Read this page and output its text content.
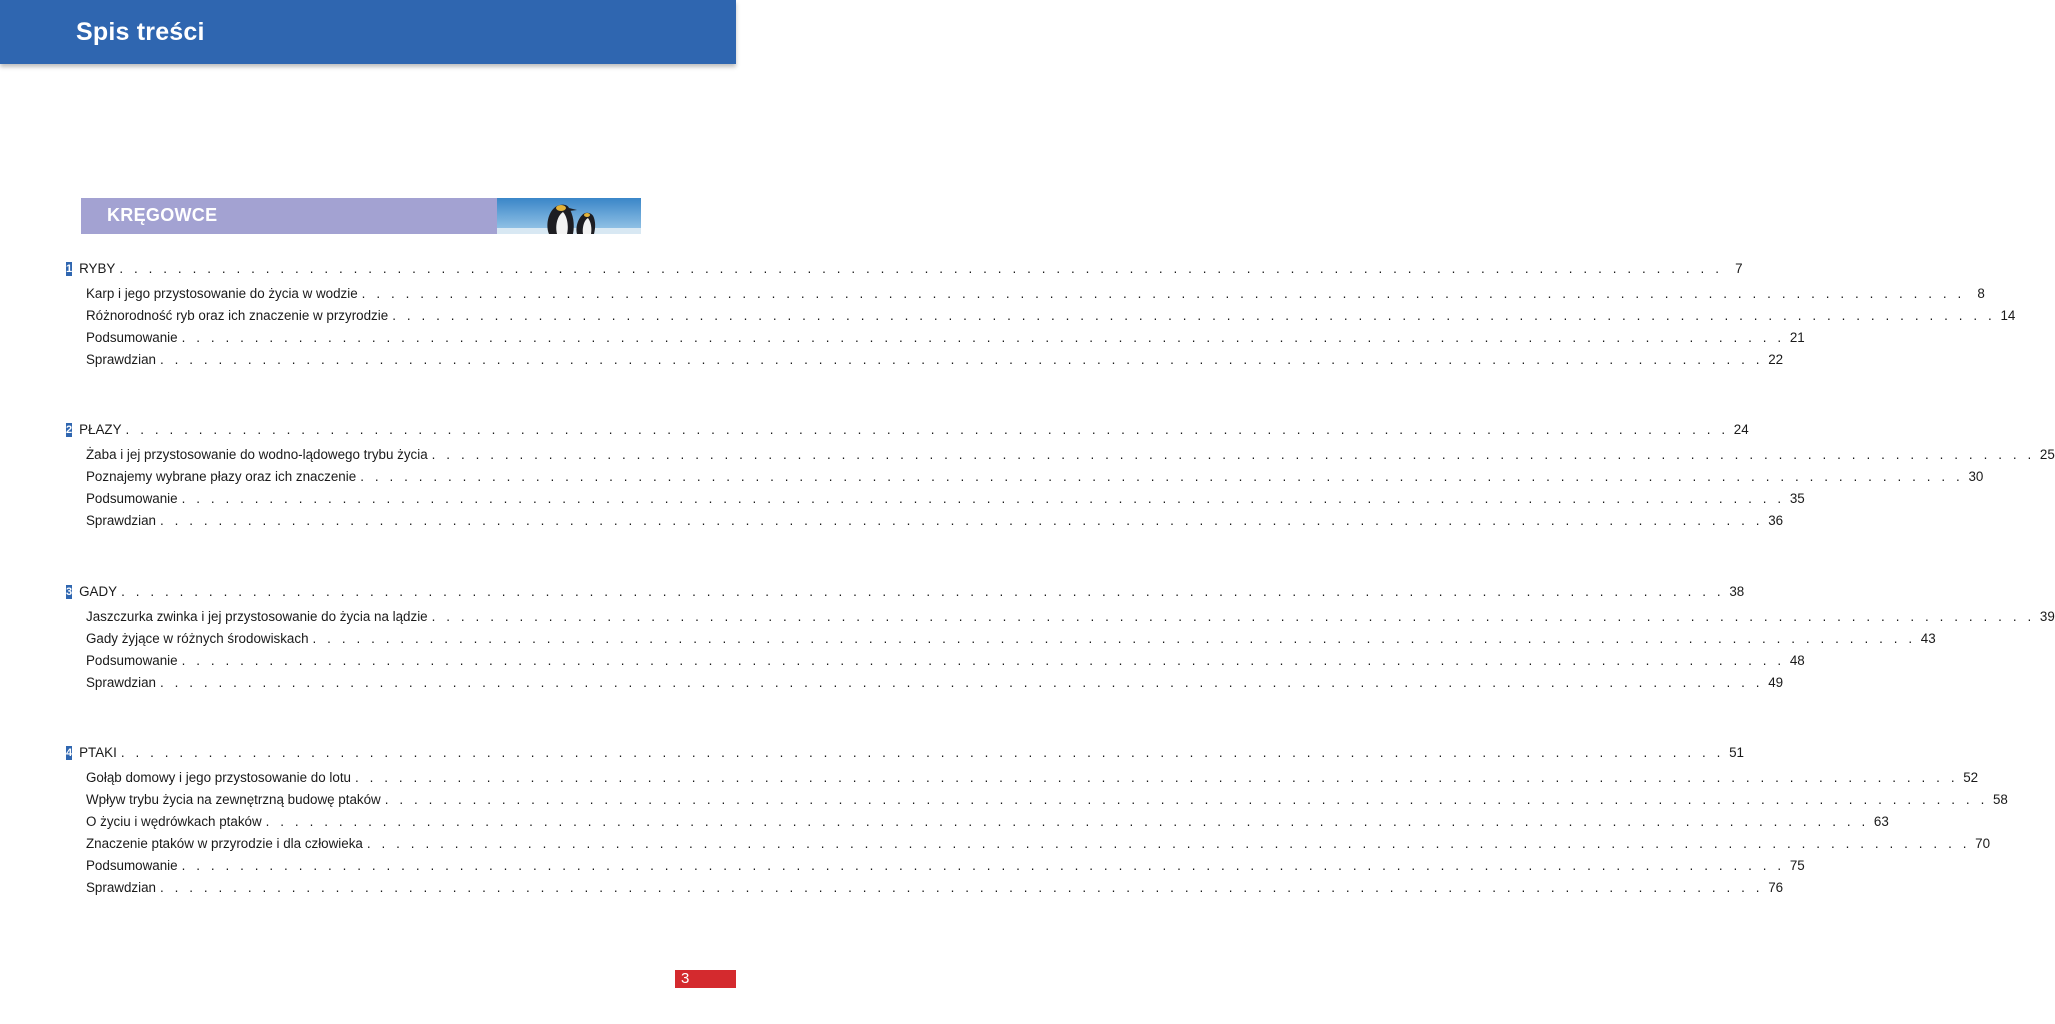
Spis treści
KRĘGOWCE
1 RYBY . . . . . . . . . . . . . . . . . . . . . . . . . . . . . . . . . . . . . . . . . . . . . . . . . . . . . . . . . . . . . . . . . . . . . . . . . . . . . . . . . . . . . . . . . . . . . . . . . . . . . . . . . . . . . . 7
Karp i jego przystosowanie do życia w wodzie . . . . . . . . . . . . . . . . . . . . . . . . . . . . . . . . . . . . . . . . . . . . . . . . . . . . . . . . . . . . . . . . . . . . . . . . . . . . . . . . . . . . . . . . . . . . . . . . . . . . . . . . . . . . . . 8
Różnorodność ryb oraz ich znaczenie w przyrodzie . . . . . . . . . . . . . . . . . . . . . . . . . . . . . . . . . . . . . . . . . . . . . . . . . . . . . . . . . . . . . . . . . . . . . . . . . . . . . . . . . . . . . . . . . . . . . . . . . . . . . . . . . . . . . . 14
Podsumowanie . . . . . . . . . . . . . . . . . . . . . . . . . . . . . . . . . . . . . . . . . . . . . . . . . . . . . . . . . . . . . . . . . . . . . . . . . . . . . . . . . . . . . . . . . . . . . . . . . . . . . . . . . . . . . . 21
Sprawdzian . . . . . . . . . . . . . . . . . . . . . . . . . . . . . . . . . . . . . . . . . . . . . . . . . . . . . . . . . . . . . . . . . . . . . . . . . . . . . . . . . . . . . . . . . . . . . . . . . . . . . . . . . . . . . . 22
2 PŁAZY . . . . . . . . . . . . . . . . . . . . . . . . . . . . . . . . . . . . . . . . . . . . . . . . . . . . . . . . . . . . . . . . . . . . . . . . . . . . . . . . . . . . . . . . . . . . . . . . . . . . . . . . . . . . . . 24
Żaba i jej przystosowanie do wodno-lądowego trybu życia . . . . . . . . . . . . . . . . . . . . . . . . . . . . . . . . . . . . . . . . . . . . . . . . . . . . . . . . . . . . . . . . . . . . . . . . . . . . . . . . . . . . . . . . . . . . . . . . . . . . . . . . . . . . . . 25
Poznajemy wybrane płazy oraz ich znaczenie . . . . . . . . . . . . . . . . . . . . . . . . . . . . . . . . . . . . . . . . . . . . . . . . . . . . . . . . . . . . . . . . . . . . . . . . . . . . . . . . . . . . . . . . . . . . . . . . . . . . . . . . . . . . . . 30
Podsumowanie . . . . . . . . . . . . . . . . . . . . . . . . . . . . . . . . . . . . . . . . . . . . . . . . . . . . . . . . . . . . . . . . . . . . . . . . . . . . . . . . . . . . . . . . . . . . . . . . . . . . . . . . . . . . . . 35
Sprawdzian . . . . . . . . . . . . . . . . . . . . . . . . . . . . . . . . . . . . . . . . . . . . . . . . . . . . . . . . . . . . . . . . . . . . . . . . . . . . . . . . . . . . . . . . . . . . . . . . . . . . . . . . . . . . . . 36
3 GADY . . . . . . . . . . . . . . . . . . . . . . . . . . . . . . . . . . . . . . . . . . . . . . . . . . . . . . . . . . . . . . . . . . . . . . . . . . . . . . . . . . . . . . . . . . . . . . . . . . . . . . . . . . . . . . 38
Jaszczurka zwinka i jej przystosowanie do życia na lądzie . . . . . . . . . . . . . . . . . . . . . . . . . . . . . . . . . . . . . . . . . . . . . . . . . . . . . . . . . . . . . . . . . . . . . . . . . . . . . . . . . . . . . . . . . . . . . . . . . . . . . . . . . . . . . . 39
Gady żyjące w różnych środowiskach . . . . . . . . . . . . . . . . . . . . . . . . . . . . . . . . . . . . . . . . . . . . . . . . . . . . . . . . . . . . . . . . . . . . . . . . . . . . . . . . . . . . . . . . . . . . . . . . . . . . . . . . . . . . . . 43
Podsumowanie . . . . . . . . . . . . . . . . . . . . . . . . . . . . . . . . . . . . . . . . . . . . . . . . . . . . . . . . . . . . . . . . . . . . . . . . . . . . . . . . . . . . . . . . . . . . . . . . . . . . . . . . . . . . . . 48
Sprawdzian . . . . . . . . . . . . . . . . . . . . . . . . . . . . . . . . . . . . . . . . . . . . . . . . . . . . . . . . . . . . . . . . . . . . . . . . . . . . . . . . . . . . . . . . . . . . . . . . . . . . . . . . . . . . . . 49
4 PTAKI . . . . . . . . . . . . . . . . . . . . . . . . . . . . . . . . . . . . . . . . . . . . . . . . . . . . . . . . . . . . . . . . . . . . . . . . . . . . . . . . . . . . . . . . . . . . . . . . . . . . . . . . . . . . . . 51
Gołąb domowy i jego przystosowanie do lotu . . . . . . . . . . . . . . . . . . . . . . . . . . . . . . . . . . . . . . . . . . . . . . . . . . . . . . . . . . . . . . . . . . . . . . . . . . . . . . . . . . . . . . . . . . . . . . . . . . . . . . . . . . . . . . 52
Wpływ trybu życia na zewnętrzną budowę ptaków . . . . . . . . . . . . . . . . . . . . . . . . . . . . . . . . . . . . . . . . . . . . . . . . . . . . . . . . . . . . . . . . . . . . . . . . . . . . . . . . . . . . . . . . . . . . . . . . . . . . . . . . . . . . . . 58
O życiu i wędrówkach ptaków . . . . . . . . . . . . . . . . . . . . . . . . . . . . . . . . . . . . . . . . . . . . . . . . . . . . . . . . . . . . . . . . . . . . . . . . . . . . . . . . . . . . . . . . . . . . . . . . . . . . . . . . . . . . . . 63
Znaczenie ptaków w przyrodzie i dla człowieka . . . . . . . . . . . . . . . . . . . . . . . . . . . . . . . . . . . . . . . . . . . . . . . . . . . . . . . . . . . . . . . . . . . . . . . . . . . . . . . . . . . . . . . . . . . . . . . . . . . . . . . . . . . . . . 70
Podsumowanie . . . . . . . . . . . . . . . . . . . . . . . . . . . . . . . . . . . . . . . . . . . . . . . . . . . . . . . . . . . . . . . . . . . . . . . . . . . . . . . . . . . . . . . . . . . . . . . . . . . . . . . . . . . . . . 75
Sprawdzian . . . . . . . . . . . . . . . . . . . . . . . . . . . . . . . . . . . . . . . . . . . . . . . . . . . . . . . . . . . . . . . . . . . . . . . . . . . . . . . . . . . . . . . . . . . . . . . . . . . . . . . . . . . . . . 76
3
